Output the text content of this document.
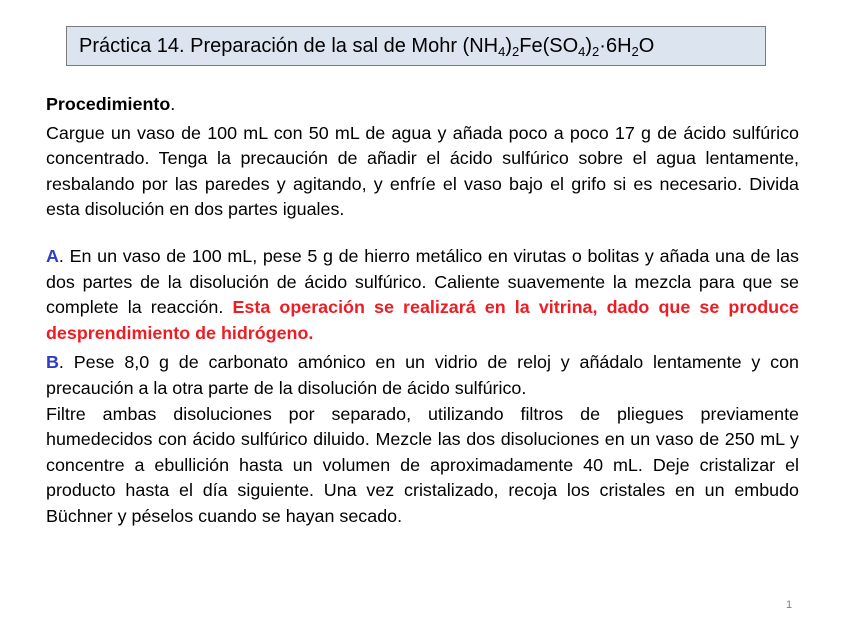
Práctica 14. Preparación de la sal de Mohr $(NH_4)_2Fe(SO_4)_2\cdot 6H_2O$

Procedimiento.

Cargue un vaso de 100 mL con 50 mL de agua y añada poco a poco 17 g de ácido sulfúrico concentrado. Tenga la precaución de añadir el ácido sulfúrico sobre el agua lentamente, resbalando por las paredes y agitando, y enfríe el vaso bajo el grifo si es necesario. Divida esta disolución en dos partes iguales.

A. En un vaso de 100 mL, pese 5 g de hierro metálico en virutas o bolitas y añada una de las dos partes de la disolución de ácido sulfúrico. Caliente suavemente la mezcla para que se complete la reacción. Esta operación se realizará en la vitrina, dado que se produce desprendimiento de hidrógeno.

B. Pese 8,0 g de carbonato amónico en un vidrio de reloj y añádalo lentamente y con precaución a la otra parte de la disolución de ácido sulfúrico.

Filtre ambas disoluciones por separado, utilizando filtros de pliegues previamente humedecidos con ácido sulfúrico diluido. Mezcle las dos disoluciones en un vaso de 250 mL y concentre a ebullición hasta un volumen de aproximadamente 40 mL. Deje cristalizar el producto hasta el día siguiente. Una vez cristalizado, recoja los cristales en un embudo Büchner y péselos cuando se hayan secado.

1
